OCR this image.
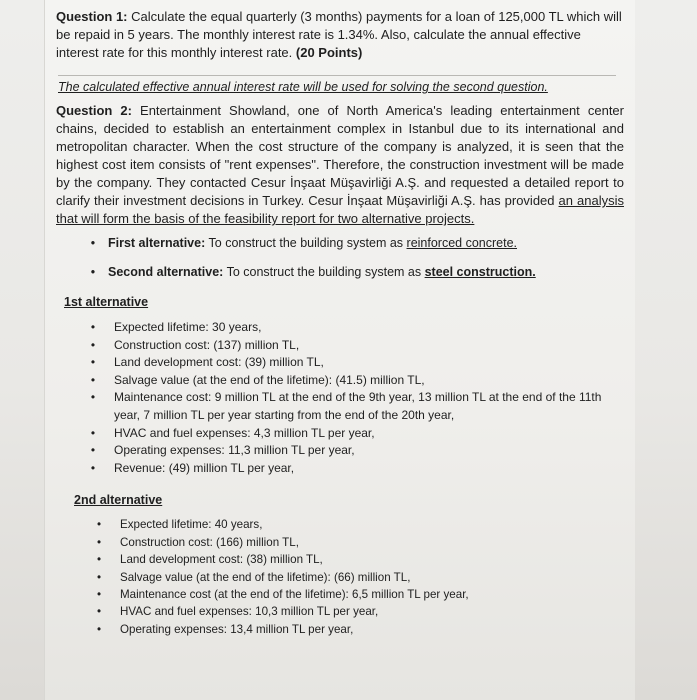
Question 1: Calculate the equal quarterly (3 months) payments for a loan of 125,000 TL which will be repaid in 5 years. The monthly interest rate is 1.34%. Also, calculate the annual effective interest rate for this monthly interest rate. (20 Points)

The calculated effective annual interest rate will be used for solving the second question.

Question 2: Entertainment Showland, one of North America's leading entertainment center chains, decided to establish an entertainment complex in Istanbul due to its international and metropolitan character. When the cost structure of the company is analyzed, it is seen that the highest cost item consists of "rent expenses". Therefore, the construction investment will be made by the company. They contacted Cesur İnşaat Müşavirliği A.Ş. and requested a detailed report to clarify their investment decisions in Turkey. Cesur İnşaat Müşavirliği A.Ş. has provided an analysis that will form the basis of the feasibility report for two alternative projects.

• First alternative: To construct the building system as reinforced concrete.
• Second alternative: To construct the building system as steel construction.

1st alternative

• Expected lifetime: 30 years,
• Construction cost: (137) million TL,
• Land development cost: (39) million TL,
• Salvage value (at the end of the lifetime): (41.5) million TL,
• Maintenance cost: 9 million TL at the end of the 9th year, 13 million TL at the end of the 11th year, 7 million TL per year starting from the end of the 20th year,
• HVAC and fuel expenses: 4,3 million TL per year,
• Operating expenses: 11,3 million TL per year,
• Revenue: (49) million TL per year,

2nd alternative

• Expected lifetime: 40 years,
• Construction cost: (166) million TL,
• Land development cost: (38) million TL,
• Salvage value (at the end of the lifetime): (66) million TL,
• Maintenance cost (at the end of the lifetime): 6,5 million TL per year,
• HVAC and fuel expenses: 10,3 million TL per year,
• Operating expenses: 13,4 million TL per year,
